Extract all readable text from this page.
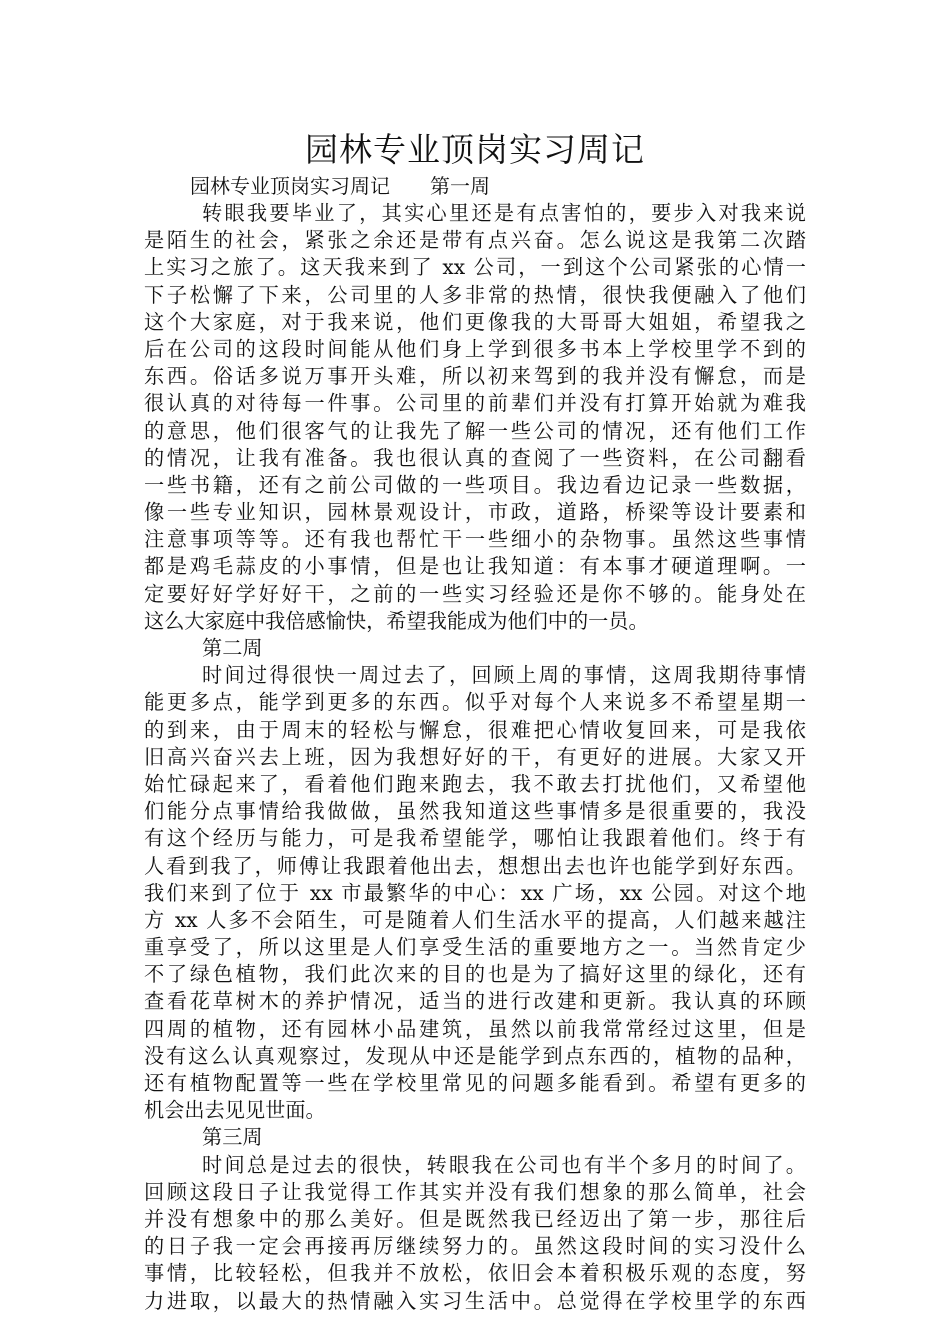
园林专业顶岗实习周记
园林专业顶岗实习周记　　第一周
转眼我要毕业了，其实心里还是有点害怕的，要步入对我来说
是陌生的社会，紧张之余还是带有点兴奋。怎么说这是我第二次踏
上实习之旅了。这天我来到了 xx 公司，一到这个公司紧张的心情一
下子松懈了下来，公司里的人多非常的热情，很快我便融入了他们
这个大家庭，对于我来说，他们更像我的大哥哥大姐姐，希望我之
后在公司的这段时间能从他们身上学到很多书本上学校里学不到的
东西。俗话多说万事开头难，所以初来驾到的我并没有懈怠，而是
很认真的对待每一件事。公司里的前辈们并没有打算开始就为难我
的意思，他们很客气的让我先了解一些公司的情况，还有他们工作
的情况，让我有准备。我也很认真的查阅了一些资料，在公司翻看
一些书籍，还有之前公司做的一些项目。我边看边记录一些数据，
像一些专业知识，园林景观设计，市政，道路，桥梁等设计要素和
注意事项等等。还有我也帮忙干一些细小的杂物事。虽然这些事情
都是鸡毛蒜皮的小事情，但是也让我知道：有本事才硬道理啊。一
定要好好学好好干，之前的一些实习经验还是你不够的。能身处在
这么大家庭中我倍感愉快，希望我能成为他们中的一员。
第二周
时间过得很快一周过去了，回顾上周的事情，这周我期待事情
能更多点，能学到更多的东西。似乎对每个人来说多不希望星期一
的到来，由于周末的轻松与懈怠，很难把心情收复回来，可是我依
旧高兴奋兴去上班，因为我想好好的干，有更好的进展。大家又开
始忙碌起来了，看着他们跑来跑去，我不敢去打扰他们，又希望他
们能分点事情给我做做，虽然我知道这些事情多是很重要的，我没
有这个经历与能力，可是我希望能学，哪怕让我跟着他们。终于有
人看到我了，师傅让我跟着他出去，想想出去也许也能学到好东西。
我们来到了位于 xx 市最繁华的中心：xx 广场，xx 公园。对这个地
方 xx 人多不会陌生，可是随着人们生活水平的提高，人们越来越注
重享受了，所以这里是人们享受生活的重要地方之一。当然肯定少
不了绿色植物，我们此次来的目的也是为了搞好这里的绿化，还有
查看花草树木的养护情况，适当的进行改建和更新。我认真的环顾
四周的植物，还有园林小品建筑，虽然以前我常常经过这里，但是
没有这么认真观察过，发现从中还是能学到点东西的，植物的品种，
还有植物配置等一些在学校里常见的问题多能看到。希望有更多的
机会出去见见世面。
第三周
时间总是过去的很快，转眼我在公司也有半个多月的时间了。
回顾这段日子让我觉得工作其实并没有我们想象的那么简单，社会
并没有想象中的那么美好。但是既然我已经迈出了第一步，那往后
的日子我一定会再接再厉继续努力的。虽然这段时间的实习没什么
事情，比较轻松，但我并不放松，依旧会本着积极乐观的态度，努
力进取，以最大的热情融入实习生活中。总觉得在学校里学的东西
